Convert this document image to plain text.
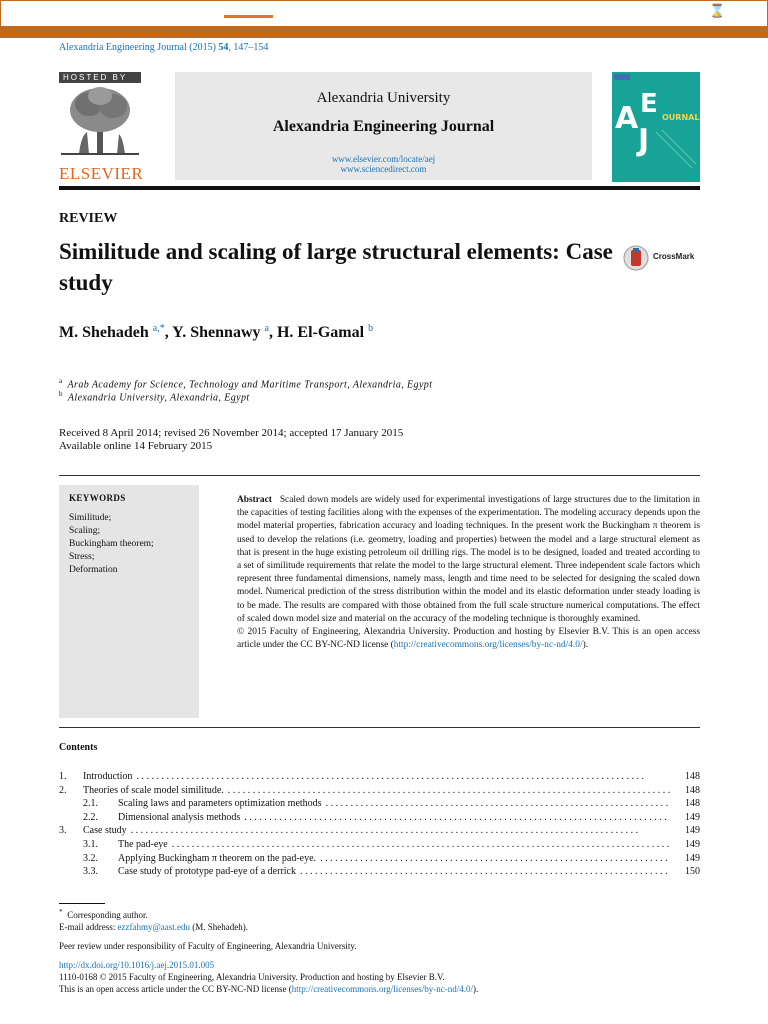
⌛
Alexandria Engineering Journal (2015) 54, 147–154
HOSTED BY
ELSEVIER
Alexandria University
Alexandria Engineering Journal
www.elsevier.com/locate/aej
www.sciencedirect.com
A E
J
OURNAL
REVIEW
Similitude and scaling of large structural elements: Case study
CrossMark
M. Shehadeh $^{a,*}$, Y. Shennawy $^a$, H. El-Gamal $^b$
$^a$ Arab Academy for Science, Technology and Maritime Transport, Alexandria, Egypt
$^b$ Alexandria University, Alexandria, Egypt
Received 8 April 2014; revised 26 November 2014; accepted 17 January 2015
Available online 14 February 2015
KEYWORDS
Similitude;
Scaling;
Buckingham theorem;
Stress;
Deformation

Abstract Scaled down models are widely used for experimental investigations of large structures due to the limitation in the capacities of testing facilities along with the expenses of the experimentation. The modeling accuracy depends upon the model material properties, fabrication accuracy and loading techniques. In the present work the Buckingham π theorem is used to develop the relations (i.e. geometry, loading and properties) between the model and a large structural element as that is present in the huge existing petroleum oil drilling rigs. The model is to be designed, loaded and treated according to a set of similitude requirements that relate the model to the large structural element. Three independent scale factors which represent three fundamental dimensions, namely mass, length and time need to be selected for designing the scaled down model. Numerical prediction of the stress distribution within the model and its elastic deformation under steady loading is to be made. The results are compared with those obtained from the full scale structure numerical computations. The effect of scaled down model size and material on the accuracy of the modeling technique is thoroughly examined.

© 2015 Faculty of Engineering, Alexandria University. Production and hosting by Elsevier B.V. This is an open access article under the CC BY-NC-ND license (http://creativecommons.org/licenses/by-nc-nd/4.0/).

Contents
1.	Introduction . . .	148
2.	Theories of scale model similitude. . . .	148
2.1.	Scaling laws and parameters optimization methods . . .	148
2.2.	Dimensional analysis methods . . .	149
3.	Case study . . .	149
3.1.	The pad-eye . . .	149
3.2.	Applying Buckingham π theorem on the pad-eye. . . .	149
3.3.	Case study of prototype pad-eye of a derrick . . .	150
* Corresponding author.
E-mail address: ezzfahmy@aast.edu (M. Shehadeh).
Peer review under responsibility of Faculty of Engineering, Alexandria University.
http://dx.doi.org/10.1016/j.aej.2015.01.005
1110-0168 © 2015 Faculty of Engineering, Alexandria University. Production and hosting by Elsevier B.V.
This is an open access article under the CC BY-NC-ND license (http://creativecommons.org/licenses/by-nc-nd/4.0/).
